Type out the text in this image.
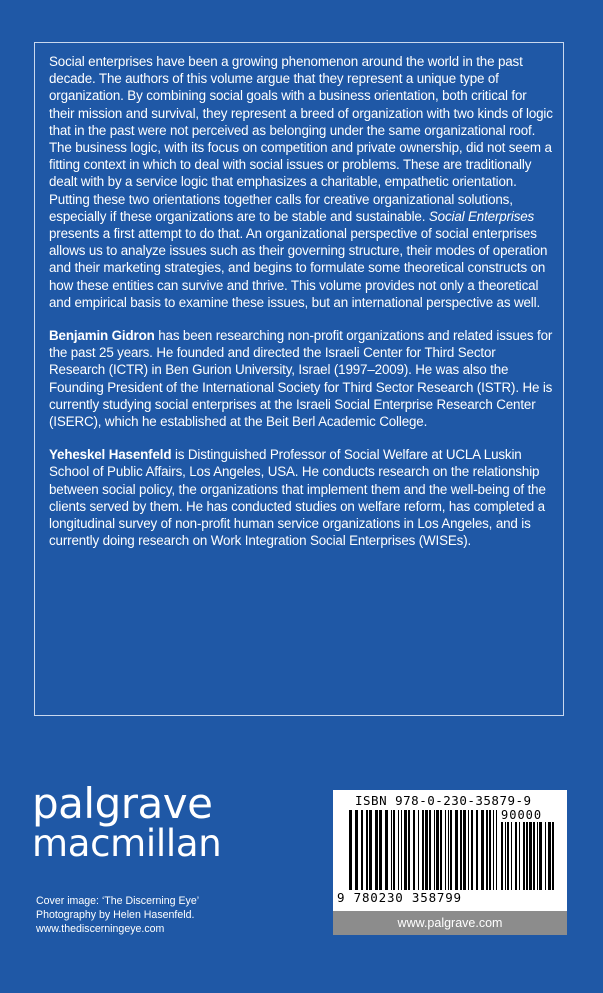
Social enterprises have been a growing phenomenon around the world in the past decade. The authors of this volume argue that they represent a unique type of organization. By combining social goals with a business orientation, both critical for their mission and survival, they represent a breed of organization with two kinds of logic that in the past were not perceived as belonging under the same organizational roof. The business logic, with its focus on competition and private ownership, did not seem a fitting context in which to deal with social issues or problems. These are traditionally dealt with by a service logic that emphasizes a charitable, empathetic orientation. Putting these two orientations together calls for creative organizational solutions, especially if these organizations are to be stable and sustainable. Social Enterprises presents a first attempt to do that. An organizational perspective of social enterprises allows us to analyze issues such as their governing structure, their modes of operation and their marketing strategies, and begins to formulate some theoretical constructs on how these entities can survive and thrive. This volume provides not only a theoretical and empirical basis to examine these issues, but an international perspective as well.

Benjamin Gidron has been researching non-profit organizations and related issues for the past 25 years. He founded and directed the Israeli Center for Third Sector Research (ICTR) in Ben Gurion University, Israel (1997–2009). He was also the Founding President of the International Society for Third Sector Research (ISTR). He is currently studying social enterprises at the Israeli Social Enterprise Research Center (ISERC), which he established at the Beit Berl Academic College.

Yeheskel Hasenfeld is Distinguished Professor of Social Welfare at UCLA Luskin School of Public Affairs, Los Angeles, USA. He conducts research on the relationship between social policy, the organizations that implement them and the well-being of the clients served by them. He has conducted studies on welfare reform, has completed a longitudinal survey of non-profit human service organizations in Los Angeles, and is currently doing research on Work Integration Social Enterprises (WISEs).

palgrave
macmillan
Cover image: ‘The Discerning Eye’
Photography by Helen Hasenfeld.
www.thediscerningeye.com
ISBN 978-0-230-35879-9
90000
9 780230 358799
www.palgrave.com
